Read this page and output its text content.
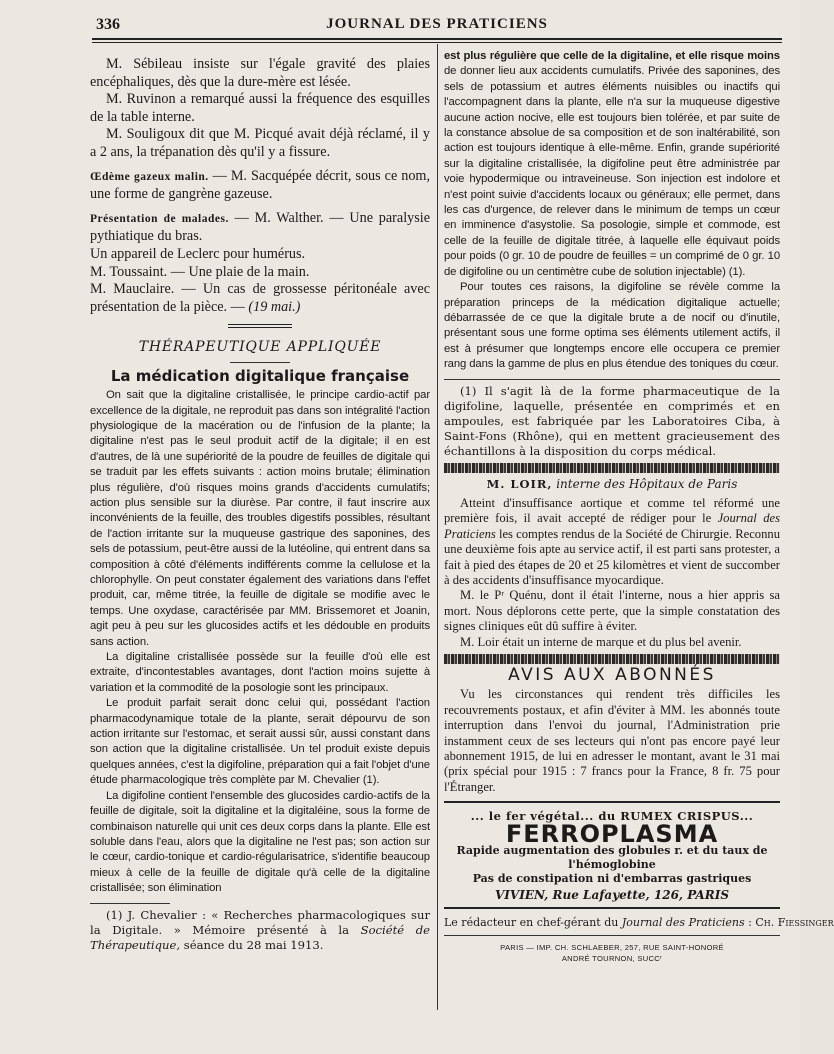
336	JOURNAL DES PRATICIENS

M. Sébileau insiste sur l'égale gravité des plaies encéphaliques, dès que la dure-mère est lésée.

M. Ruvinon a remarqué aussi la fréquence des esquilles de la table interne.

M. Souligoux dit que M. Picqué avait déjà réclamé, il y a 2 ans, la trépanation dès qu'il y a fissure.

Œdème gazeux malin. — M. Sacquépée décrit, sous ce nom, une forme de gangrène gazeuse.

Présentation de malades. — M. Walther. — Une paralysie pythiatique du bras.

Un appareil de Leclerc pour humérus.

M. Toussaint. — Une plaie de la main.

M. Mauclaire. — Un cas de grossesse péritonéale avec présentation de la pièce. — (19 mai.)

THÉRAPEUTIQUE APPLIQUÉE
La médication digitalique française

On sait que la digitaline cristallisée, le principe cardio-actif par excellence de la digitale, ne reproduit pas dans son intégralité l'action physiologique de la macération ou de l'infusion de la plante; la digitaline n'est pas le seul produit actif de la digitale; il en est d'autres, de là une supériorité de la poudre de feuilles de digitale qui se traduit par les effets suivants : action moins brutale; élimination plus régulière, d'où risques moins grands d'accidents cumulatifs; action plus sensible sur la diurèse. Par contre, il faut inscrire aux inconvénients de la feuille, des troubles digestifs possibles, résultant de l'action irritante sur la muqueuse gastrique des saponines, des sels de potassium, peut-être aussi de la lutéoline, qui entrent dans sa composition à côté d'éléments indifférents comme la cellulose et la chlorophylle. On peut constater également des variations dans l'effet produit, car, même titrée, la feuille de digitale se modifie avec le temps. Une oxydase, caractérisée par MM. Brissemoret et Joanin, agit peu à peu sur les glucosides actifs et les dédouble en produits sans action.

La digitaline cristallisée possède sur la feuille d'où elle est extraite, d'incontestables avantages, dont l'action moins sujette à variation et la commodité de la posologie sont les principaux.

Le produit parfait serait donc celui qui, possédant l'action pharmacodynamique totale de la plante, serait dépourvu de son action irritante sur l'estomac, et serait aussi sûr, aussi constant dans son action que la digitaline cristallisée. Un tel produit existe depuis quelques années, c'est la digifoline, préparation qui a fait l'objet d'une étude pharmacologique très complète par M. Chevalier (1).

La digifoline contient l'ensemble des glucosides cardio-actifs de la feuille de digitale, soit la digitaline et la digitaléine, sous la forme de combinaison naturelle qui unit ces deux corps dans la plante. Elle est soluble dans l'eau, alors que la digitaline ne l'est pas; son action sur le cœur, cardio-tonique et cardio-régularisatrice, s'identifie beaucoup mieux à celle de la feuille de digitale qu'à celle de la digitaline cristallisée; son élimination

(1) J. Chevalier : « Recherches pharmacologiques sur la Digitale. » Mémoire présenté à la Société de Thérapeutique, séance du 28 mai 1913.

est plus régulière que celle de la digitaline, et elle risque moins de donner lieu aux accidents cumulatifs. Privée des saponines, des sels de potassium et autres éléments nuisibles ou inactifs qui l'accompagnent dans la plante, elle n'a sur la muqueuse digestive aucune action nocive, elle est toujours bien tolérée, et par suite de la constance absolue de sa composition et de son inaltérabilité, son action est toujours identique à elle-même. Enfin, grande supériorité sur la digitaline cristallisée, la digifoline peut être administrée par voie hypodermique ou intraveineuse. Son injection est indolore et n'est point suivie d'accidents locaux ou généraux; elle permet, dans les cas d'urgence, de relever dans le minimum de temps un cœur en imminence d'asystolie. Sa posologie, simple et commode, est celle de la feuille de digitale titrée, à laquelle elle équivaut poids pour poids (0 gr. 10 de poudre de feuilles = un comprimé de 0 gr. 10 de digifoline ou un centimètre cube de solution injectable) (1).

Pour toutes ces raisons, la digifoline se révèle comme la préparation princeps de la médication digitalique actuelle; débarrassée de ce que la digitale brute a de nocif ou d'inutile, présentant sous une forme optima ses éléments utilement actifs, il est à présumer que longtemps encore elle occupera ce premier rang dans la gamme de plus en plus étendue des toniques du cœur.

(1) Il s'agit là de la forme pharmaceutique de la digifoline, laquelle, présentée en comprimés et en ampoules, est fabriquée par les Laboratoires Ciba, à Saint-Fons (Rhône), qui en mettent gracieusement des échantillons à la disposition du corps médical.

M. LOIR, interne des Hôpitaux de Paris

Atteint d'insuffisance aortique et comme tel réformé une première fois, il avait accepté de rédiger pour le Journal des Praticiens les comptes rendus de la Société de Chirurgie. Reconnu une deuxième fois apte au service actif, il est parti sans protester, a fait à pied des étapes de 20 et 25 kilomètres et vient de succomber à des accidents d'insuffisance myocardique.

M. le Pʳ Quénu, dont il était l'interne, nous a hier appris sa mort. Nous déplorons cette perte, que la simple constatation des signes cliniques eût dû suffire à éviter.

M. Loir était un interne de marque et du plus bel avenir.

AVIS AUX ABONNÉS

Vu les circonstances qui rendent très difficiles les recouvrements postaux, et afin d'éviter à MM. les abonnés toute interruption dans l'envoi du journal, l'Administration prie instamment ceux de ses lecteurs qui n'ont pas encore payé leur abonnement 1915, de lui en adresser le montant, avant le 31 mai (prix spécial pour 1915 : 7 francs pour la France, 8 fr. 75 pour l'Étranger.

... le fer végétal... du RUMEX CRISPUS...
FERROPLASMA
Rapide augmentation des globules r. et du taux de l'hémoglobine
Pas de constipation ni d'embarras gastriques
VIVIEN, Rue Lafayette, 126, PARIS
Le rédacteur en chef-gérant du Journal des Praticiens : Ch. Fiessinger
PARIS — IMP. CH. SCHLAEBER, 257, RUE SAINT-HONORÉ
ANDRÉ TOURNON, SUCCʳ
